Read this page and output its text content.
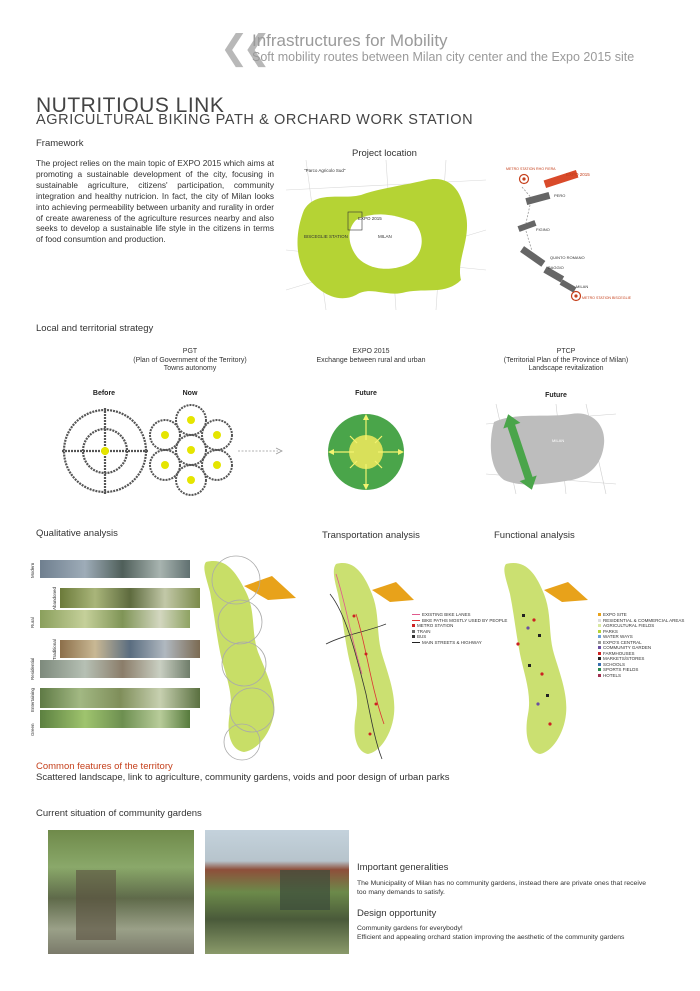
❮❮
Infrastructures for Mobility
Soft mobility routes between Milan city center and the Expo 2015 site
NUTRITIOUS LINK
AGRICULTURAL BIKING PATH & ORCHARD WORK STATION
Framework
The project relies on the main topic of EXPO 2015 which aims at promoting a sustainable development of the city, focusing in sustainable agriculture, citizens' participation, community integration and healthy nutricion. In fact, the city of Milan looks into achieving permeability between urbanity and rurality in order of create awareness of the agriculture resurces nearby and also seeks to develop a sustainable life style in the citizens in terms of food consumtion and production.
Project location
"Parco Agricolo Sud"
EXPO 2015
BISCEGLIE STATION	MILAN
METRO STATION RHO FIERA
EXPO 2015
PERO
FIGINO
QUINTO ROMANO
BAGGIO
MILAN
METRO STATION BISCEGLIE
Local and territorial strategy
PGT
(Plan of Government of the Territory)
Towns autonomy
EXPO 2015
Exchange between rural and urban
PTCP
(Territorial Plan of the Province of Milan)
Landscape revitalization
Before	Now	Future	Future
MILAN
Qualitative analysis	Transportation analysis	Functional analysis
Modern
Abandoned
Rural
Traditional
Residential
Entertaining
Green
EXISTING BIKE LANES
BIKE PATHS MOSTLY USED BY PEOPLE
METRO STATION
TRAIN
BUS
MAIN STREETS & HIGHWAY
EXPO SITE
RESIDENTIAL & COMMERCIAL AREAS
AGRICULTURAL FIELDS
PARKS
WATER WAYS
EXPO'S CENTRAL
COMMUNITY GARDEN
FARMHOUSES
MARKETS/STORES
SCHOOLS
SPORTS FIELDS
HOTELS
Common features of the territory
Scattered landscape, link to agriculture, community gardens, voids and poor design of urban parks
Current situation of community gardens
Important generalities
The Municipality of Milan has no community gardens, instead there are private ones that receive too many demands to satisfy.
Design opportunity
Community gardens for everybody!
Efficient and appealing orchard station improving the aesthetic of the community gardens
